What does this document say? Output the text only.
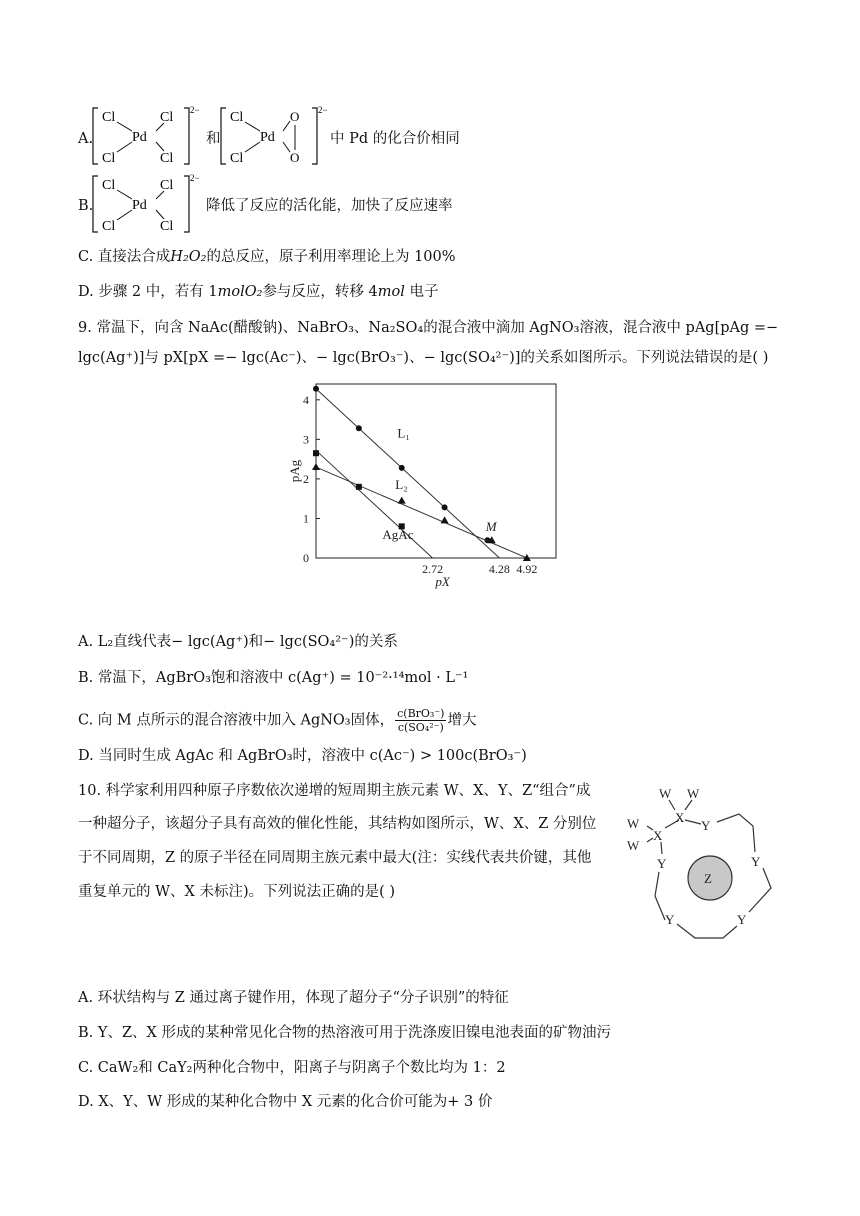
A.
Cl	Cl
Pd
Cl	Cl
2−
和
Cl
Pd
Cl
O
O
2−
中 Pd 的化合价相同
B.
Cl	Cl
Pd
Cl	Cl
2−
降低了反应的活化能，加快了反应速率
C. 直接法合成H₂O₂的总反应，原子利用率理论上为 100%
D. 步骤 2 中，若有 1molO₂参与反应，转移 4mol 电子
9. 常温下，向含 NaAc(醋酸钠)、NaBrO₃、Na₂SO₄的混合液中滴加 AgNO₃溶液，混合液中 pAg[pAg =−
lgc(Ag⁺)]与 pX[pX =− lgc(Ac⁻)、− lgc(BrO₃⁻)、− lgc(SO₄²⁻)]的关系如图所示。下列说法错误的是( )
0
1
2
3
4
2.72	4.28 4.92
pX
pAg
L₁
L₂
AgAc
M
A. L₂直线代表− lgc(Ag⁺)和− lgc(SO₄²⁻)的关系
B. 常温下，AgBrO₃饱和溶液中 c(Ag⁺) = 10⁻²·¹⁴mol · L⁻¹
C. 向 M 点所示的混合溶液中加入 AgNO₃固体， $\frac{\text{c(BrO₃⁻)}}{\text{c(SO₄²⁻)}}$ 增大
D. 当同时生成 AgAc 和 AgBrO₃时，溶液中 c(Ac⁻) > 100c(BrO₃⁻)
10. 科学家利用四种原子序数依次递增的短周期主族元素 W、X、Y、Z“组合”成
一种超分子，该超分子具有高效的催化性能，其结构如图所示，W、X、Z 分别位
于不同周期，Z 的原子半径在同周期主族元素中最大(注：实线代表共价键，其他
重复单元的 W、X 未标注)。下列说法正确的是( )
W W
X
Y
W
X
W
Y	Y
Y
Y
Z
A. 环状结构与 Z 通过离子键作用，体现了超分子“分子识别”的特征
B. Y、Z、X 形成的某种常见化合物的热溶液可用于洗涤废旧镍电池表面的矿物油污
C. CaW₂和 CaY₂两种化合物中，阳离子与阴离子个数比均为 1：2
D. X、Y、W 形成的某种化合物中 X 元素的化合价可能为+ 3 价
